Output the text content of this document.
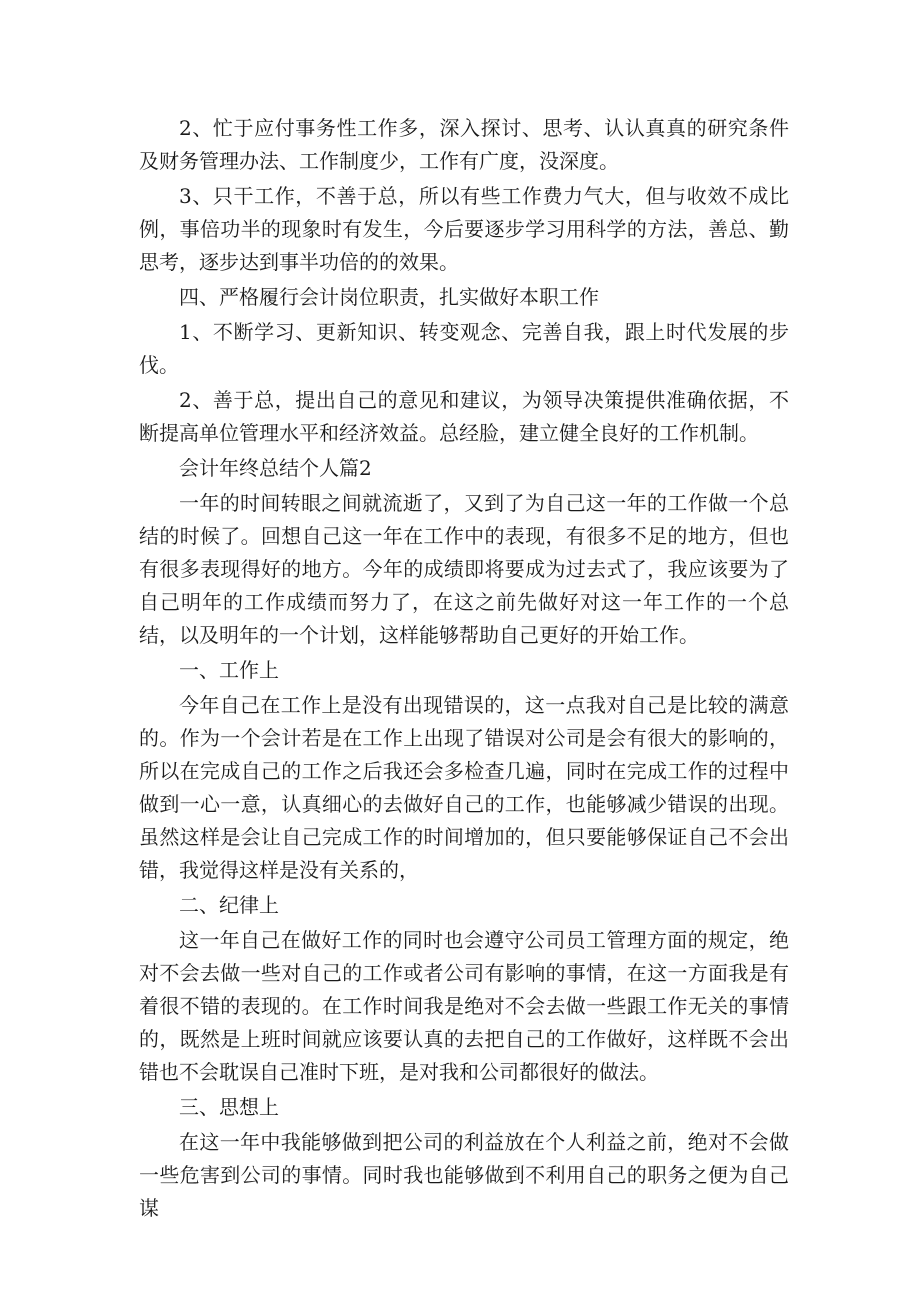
2、忙于应付事务性工作多，深入探讨、思考、认认真真的研究条件及财务管理办法、工作制度少，工作有广度，没深度。

3、只干工作，不善于总，所以有些工作费力气大，但与收效不成比例，事倍功半的现象时有发生，今后要逐步学习用科学的方法，善总、勤思考，逐步达到事半功倍的的效果。

四、严格履行会计岗位职责，扎实做好本职工作

1、不断学习、更新知识、转变观念、完善自我，跟上时代发展的步伐。

2、善于总，提出自己的意见和建议，为领导决策提供准确依据，不断提高单位管理水平和经济效益。总经脸，建立健全良好的工作机制。

会计年终总结个人篇2

一年的时间转眼之间就流逝了，又到了为自己这一年的工作做一个总结的时候了。回想自己这一年在工作中的表现，有很多不足的地方，但也有很多表现得好的地方。今年的成绩即将要成为过去式了，我应该要为了自己明年的工作成绩而努力了，在这之前先做好对这一年工作的一个总结，以及明年的一个计划，这样能够帮助自己更好的开始工作。

一、工作上

今年自己在工作上是没有出现错误的，这一点我对自己是比较的满意的。作为一个会计若是在工作上出现了错误对公司是会有很大的影响的，所以在完成自己的工作之后我还会多检查几遍，同时在完成工作的过程中做到一心一意，认真细心的去做好自己的工作，也能够减少错误的出现。虽然这样是会让自己完成工作的时间增加的，但只要能够保证自己不会出错，我觉得这样是没有关系的，

二、纪律上

这一年自己在做好工作的同时也会遵守公司员工管理方面的规定，绝对不会去做一些对自己的工作或者公司有影响的事情，在这一方面我是有着很不错的表现的。在工作时间我是绝对不会去做一些跟工作无关的事情的，既然是上班时间就应该要认真的去把自己的工作做好，这样既不会出错也不会耽误自己准时下班，是对我和公司都很好的做法。

三、思想上

在这一年中我能够做到把公司的利益放在个人利益之前，绝对不会做一些危害到公司的事情。同时我也能够做到不利用自己的职务之便为自己谋
